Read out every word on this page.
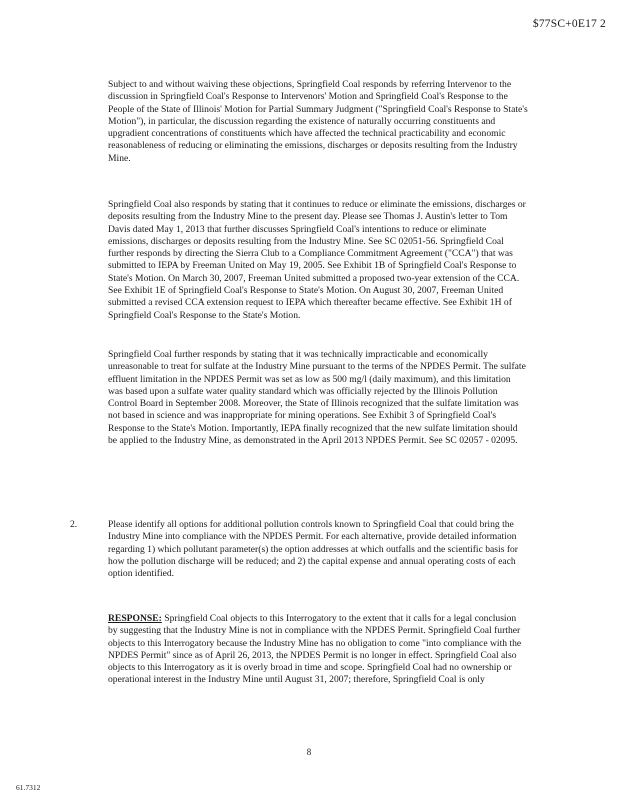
$77SC+0E17 2

Subject to and without waiving these objections, Springfield Coal responds by referring Intervenor to the discussion in Springfield Coal's Response to Intervenors' Motion and Springfield Coal's Response to the People of the State of Illinois' Motion for Partial Summary Judgment ("Springfield Coal's Response to State's Motion"), in particular, the discussion regarding the existence of naturally occurring constituents and upgradient concentrations of constituents which have affected the technical practicability and economic reasonableness of reducing or eliminating the emissions, discharges or deposits resulting from the Industry Mine.

Springfield Coal also responds by stating that it continues to reduce or eliminate the emissions, discharges or deposits resulting from the Industry Mine to the present day. Please see Thomas J. Austin's letter to Tom Davis dated May 1, 2013 that further discusses Springfield Coal's intentions to reduce or eliminate emissions, discharges or deposits resulting from the Industry Mine. See SC 02051-56. Springfield Coal further responds by directing the Sierra Club to a Compliance Commitment Agreement ("CCA") that was submitted to IEPA by Freeman United on May 19, 2005. See Exhibit 1B of Springfield Coal's Response to State's Motion. On March 30, 2007, Freeman United submitted a proposed two-year extension of the CCA. See Exhibit 1E of Springfield Coal's Response to State's Motion. On August 30, 2007, Freeman United submitted a revised CCA extension request to IEPA which thereafter became effective. See Exhibit 1H of Springfield Coal's Response to the State's Motion.

Springfield Coal further responds by stating that it was technically impracticable and economically unreasonable to treat for sulfate at the Industry Mine pursuant to the terms of the NPDES Permit. The sulfate effluent limitation in the NPDES Permit was set as low as 500 mg/l (daily maximum), and this limitation was based upon a sulfate water quality standard which was officially rejected by the Illinois Pollution Control Board in September 2008. Moreover, the State of Illinois recognized that the sulfate limitation was not based in science and was inappropriate for mining operations. See Exhibit 3 of Springfield Coal's Response to the State's Motion. Importantly, IEPA finally recognized that the new sulfate limitation should be applied to the Industry Mine, as demonstrated in the April 2013 NPDES Permit. See SC 02057 - 02095.

2.	Please identify all options for additional pollution controls known to Springfield Coal that could bring the Industry Mine into compliance with the NPDES Permit. For each alternative, provide detailed information regarding 1) which pollutant parameter(s) the option addresses at which outfalls and the scientific basis for how the pollution discharge will be reduced; and 2) the capital expense and annual operating costs of each option identified.

RESPONSE: Springfield Coal objects to this Interrogatory to the extent that it calls for a legal conclusion by suggesting that the Industry Mine is not in compliance with the NPDES Permit. Springfield Coal further objects to this Interrogatory because the Industry Mine has no obligation to come "into compliance with the NPDES Permit" since as of April 26, 2013, the NPDES Permit is no longer in effect. Springfield Coal also objects to this Interrogatory as it is overly broad in time and scope. Springfield Coal had no ownership or operational interest in the Industry Mine until August 31, 2007; therefore, Springfield Coal is only

8
61.7312
